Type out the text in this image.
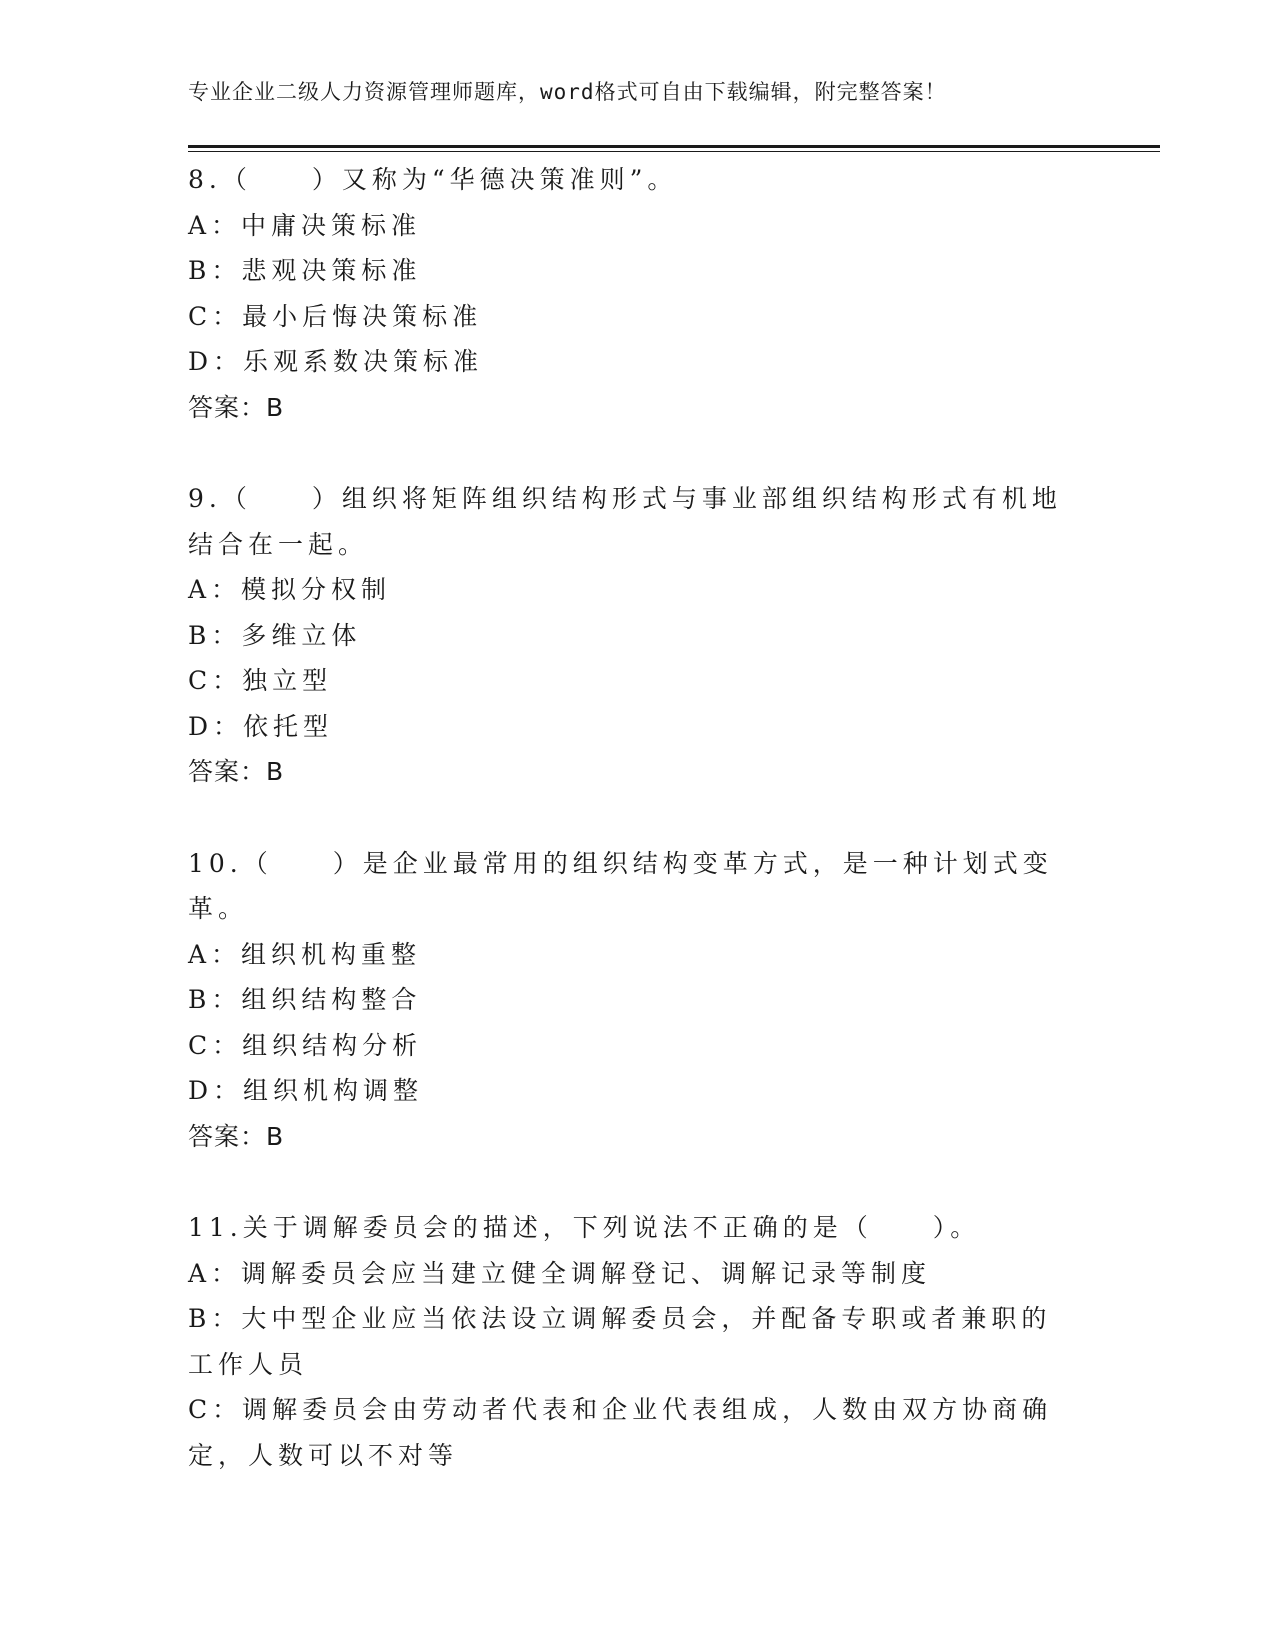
专业企业二级人力资源管理师题库，word格式可自由下载编辑，附完整答案！
8.（　　）又称为“华德决策准则”。
A：中庸决策标准
B：悲观决策标准
C：最小后悔决策标准
D：乐观系数决策标准
答案：B
9.（　　）组织将矩阵组织结构形式与事业部组织结构形式有机地结合在一起。
A：模拟分权制
B：多维立体
C：独立型
D：依托型
答案：B
10.（　　）是企业最常用的组织结构变革方式，是一种计划式变革。
A：组织机构重整
B：组织结构整合
C：组织结构分析
D：组织机构调整
答案：B
11.关于调解委员会的描述，下列说法不正确的是（　　）。
A：调解委员会应当建立健全调解登记、调解记录等制度
B：大中型企业应当依法设立调解委员会，并配备专职或者兼职的工作人员
C：调解委员会由劳动者代表和企业代表组成，人数由双方协商确定，人数可以不对等
